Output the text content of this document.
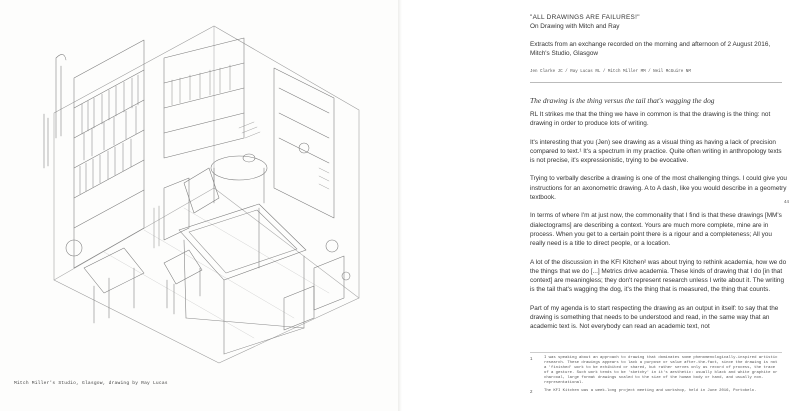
Mitch Miller's Studio, Glasgow, drawing by Ray Lucas
"ALL DRAWINGS ARE FAILURES!"
On Drawing with Mitch and Ray
Extracts from an exchange recorded on the morning and afternoon of 2 August 2016, Mitch's Studio, Glasgow
Jen Clarke JC / Ray Lucas RL / Mitch Miller MM / Neil McGuire NM
The drawing is the thing versus the tail that's wagging the dog

RL It strikes me that the thing we have in common is that the drawing is the thing: not drawing in order to produce lots of writing.

It's interesting that you (Jen) see drawing as a visual thing as having a lack of precision compared to text.¹ It's a spectrum in my practice. Quite often writing in anthropology texts is not precise, it's expressionistic, trying to be evocative.

Trying to verbally describe a drawing is one of the most challenging things. I could give you instructions for an axonometric drawing. A to A dash, like you would describe in a geometry textbook.

In terms of where I'm at just now, the commonality that I find is that these drawings [MM's dialectograms] are describing a context. Yours are much more complete, mine are in process. When you get to a certain point there is a rigour and a completeness; All you really need is a title to direct people, or a location.

A lot of the discussion in the KFI Kitchen² was about trying to rethink academia, how we do the things that we do [...] Metrics drive academia. These kinds of drawing that I do [in that context] are meaningless; they don't represent research unless I write about it. The writing is the tail that's wagging the dog, it's the thing that is measured, the thing that counts.

Part of my agenda is to start respecting the drawing as an output in itself: to say that the drawing is something that needs to be understood and read, in the same way that an academic text is. Not everybody can read an academic text, not

44
1	I was speaking about an approach to drawing that dominates some phenomenologically-inspired artistic research. These drawings appears to lack a purpose or value after-the-fact, since the drawing is not a 'finished' work to be exhibited or shared, but rather serves only as record of process, the trace of a gesture. Such work tends to be 'sketchy' in it's aesthetic: usually black and white graphite or charcoal, large format drawings scaled to the size of the human body or hand, and usually non-representational.
2	The KFI Kitchen was a week-long project meeting and workshop, held in June 2016, Portobelo.
